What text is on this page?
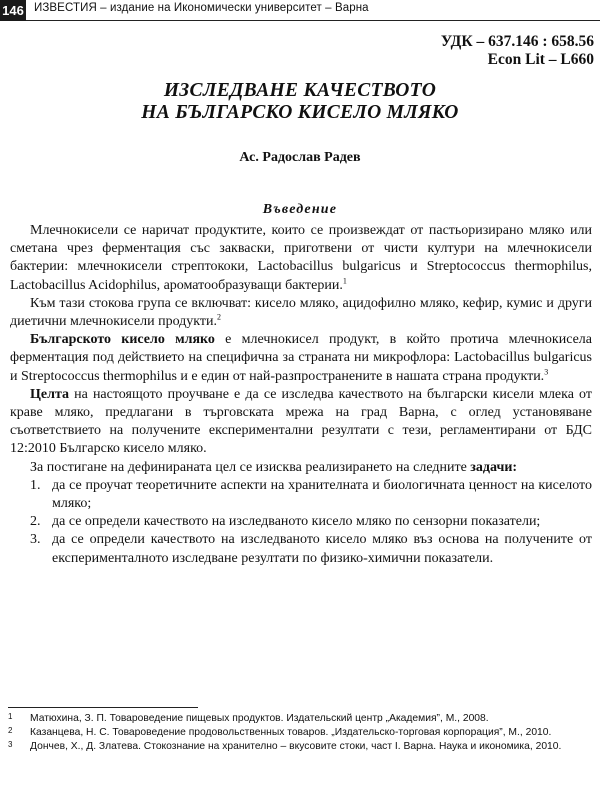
146 ИЗВЕСТИЯ – издание на Икономически университет – Варна
УДК – 637.146 : 658.56
Econ Lit – L660
ИЗСЛЕДВАНЕ КАЧЕСТВОТО
НА БЪЛГАРСКО КИСЕЛО МЛЯКО
Ас. Радослав Радев
Въведение

Млечнокисели се наричат продуктите, които се произвеждат от пастьоризирано мляко или сметана чрез ферментация със закваски, приготвени от чисти култури на млечнокисели бактерии: млечнокисели стрептококи, Lactobacillus bulgaricus и Streptococcus thermophilus, Lactobacillus Acidophilus, ароматообразуващи бактерии.$^1$

Към тази стокова група се включват: кисело мляко, ацидофилно мляко, кефир, кумис и други диетични млечнокисели продукти.$^2$

Българското кисело мляко е млечнокисел продукт, в който протича млечнокисела ферментация под действието на специфична за страната ни микрофлора: Lactobacillus bulgaricus и Streptococcus thermophilus и е един от най-разпространените в нашата страна продукти.$^3$

Целта на настоящото проучване е да се изследва качеството на български кисели млека от краве мляко, предлагани в търговската мрежа на град Варна, с оглед установяване съответствието на получените експериментални резултати с тези, регламентирани от БДС 12:2010 Българско кисело мляко.

За постигане на дефинираната цел се изисква реализирането на следните задачи:

1. да се проучат теоретичните аспекти на хранителната и биологичната ценност на киселото мляко;
2. да се определи качеството на изследваното кисело мляко по сензорни показатели;
3. да се определи качеството на изследваното кисело мляко въз основа на получените от експерименталното изследване резултати по физико-химични показатели.
1 Матюхина, З. П. Товароведение пищевых продуктов. Издательский центр „Академия”, М., 2008.
2 Казанцева, Н. С. Товароведение продовольственных товаров. „Издательско-торговая корпорация”, М., 2010.
3 Дончев, Х., Д. Златева. Стокознание на хранително – вкусовите стоки, част I. Варна. Наука и икономика, 2010.
